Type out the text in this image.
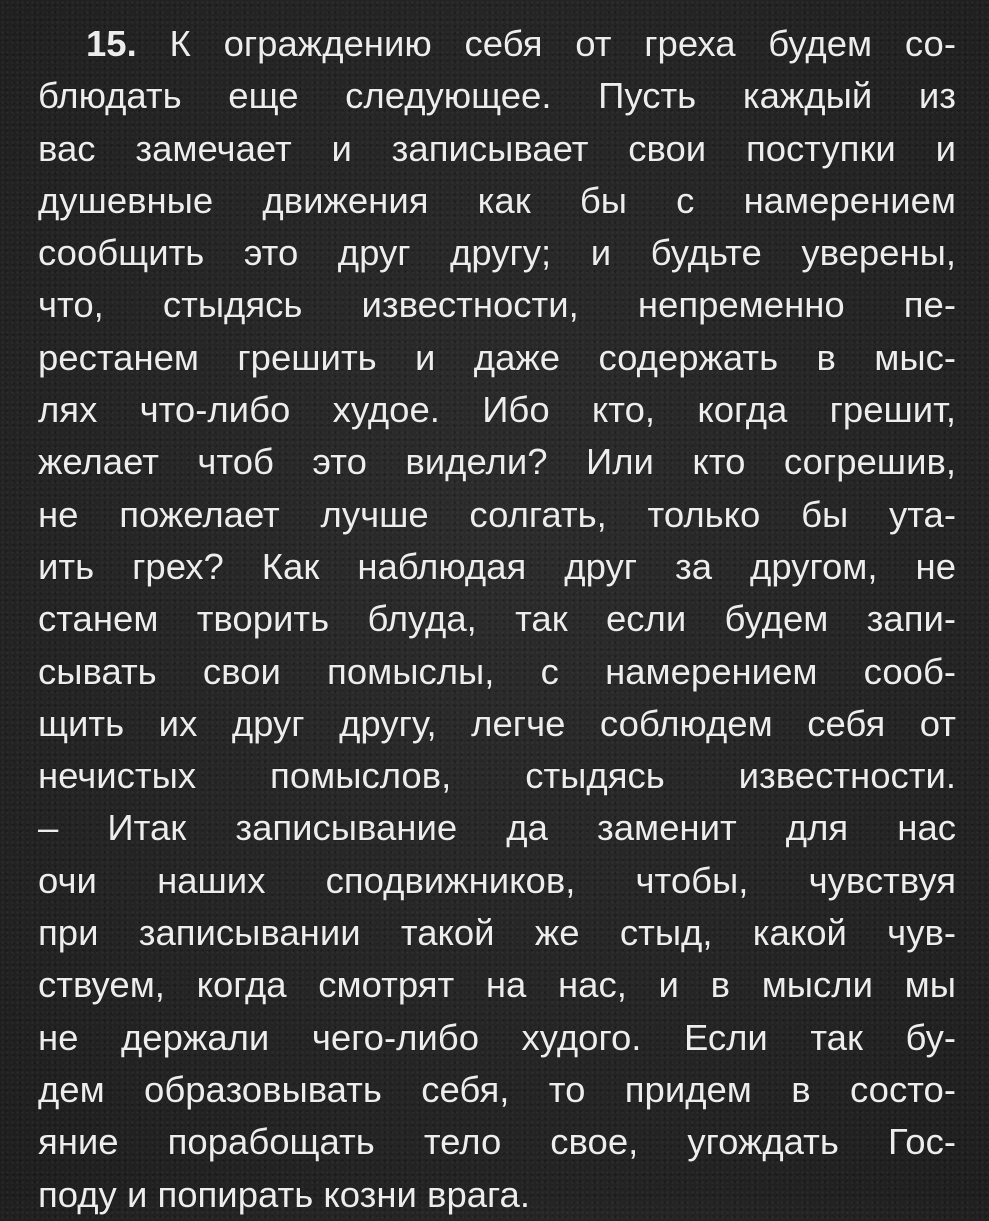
15. К ограждению себя от греха будем со-
блюдать еще следующее. Пусть каждый из
вас замечает и записывает свои поступки и
душевные движения как бы с намерением
сообщить это друг другу; и будьте уверены,
что, стыдясь известности, непременно пе-
рестанем грешить и даже содержать в мыс-
лях что-либо худое. Ибо кто, когда грешит,
желает чтоб это видели? Или кто согрешив,
не пожелает лучше солгать, только бы ута-
ить грех? Как наблюдая друг за другом, не
станем творить блуда, так если будем запи-
сывать свои помыслы, с намерением сооб-
щить их друг другу, легче соблюдем себя от
нечистых помыслов, стыдясь известности.
– Итак записывание да заменит для нас
очи наших сподвижников, чтобы, чувствуя
при записывании такой же стыд, какой чув-
ствуем, когда смотрят на нас, и в мысли мы
не держали чего-либо худого. Если так бу-
дем образовывать себя, то придем в состо-
яние порабощать тело свое, угождать Гос-
поду и попирать козни врага.
